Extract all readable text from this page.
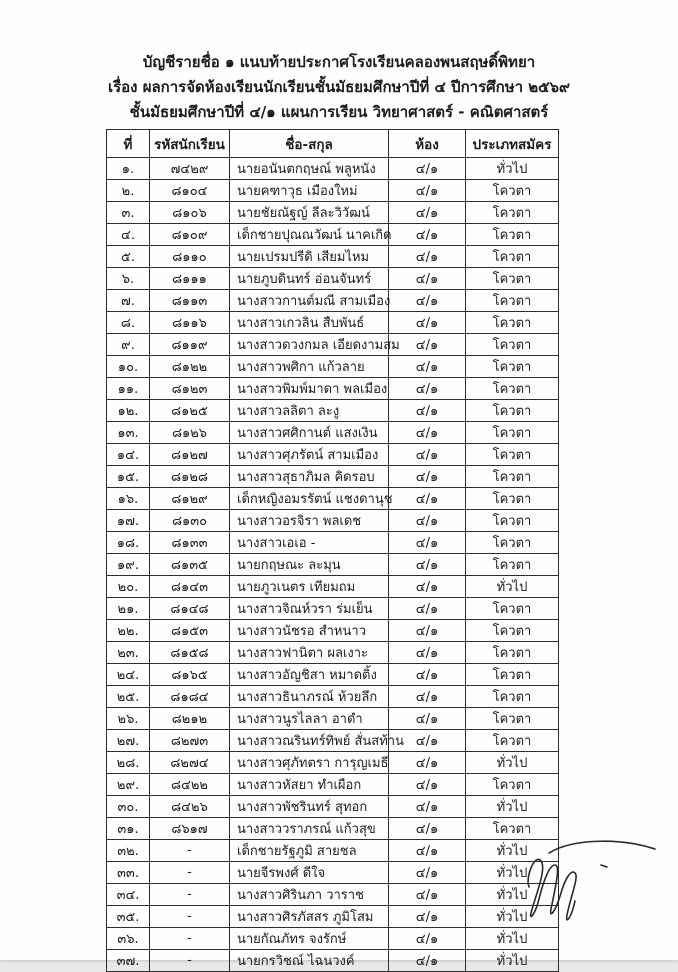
บัญชีรายชื่อ ๑ แนบท้ายประกาศโรงเรียนคลองพนสฤษดิ์พิทยา
เรื่อง ผลการจัดห้องเรียนนักเรียนชั้นมัธยมศึกษาปีที่ ๔ ปีการศึกษา ๒๕๖๙
ชั้นมัธยมศึกษาปีที่ ๔/๑ แผนการเรียน วิทยาศาสตร์ - คณิตศาสตร์
ที่	รหัสนักเรียน	ชื่อ-สกุล	ห้อง	ประเภทสมัคร
๑.	๗๔๒๙	นายอนันตกฤษณ์ พลูหนัง	๔/๑	ทั่วไป
๒.	๘๑๐๔	นายคฑาวุธ เมืองใหม่	๔/๑	โควตา
๓.	๘๑๐๖	นายชัยณัฐญ์ ลีละวิวัฒน์	๔/๑	โควตา
๔.	๘๑๐๙	เด็กชายปุณณวัฒน์ นาคเกิด	๔/๑	โควตา
๕.	๘๑๑๐	นายเปรมปรีดิ เสียมไหม	๔/๑	โควตา
๖.	๘๑๑๑	นายภูบดินทร์ อ่อนจันทร์	๔/๑	โควตา
๗.	๘๑๑๓	นางสาวกานต์มณี สามเมือง	๔/๑	โควตา
๘.	๘๑๑๖	นางสาวเกวลิน สืบพันธ์	๔/๑	โควตา
๙.	๘๑๑๙	นางสาวดวงกมล เอียดงามสม	๔/๑	โควตา
๑๐.	๘๑๒๒	นางสาวพศิกา แก้วลาย	๔/๑	โควตา
๑๑.	๘๑๒๓	นางสาวพิมพ์มาดา พลเมือง	๔/๑	โควตา
๑๒.	๘๑๒๕	นางสาวลลิตา ละงู	๔/๑	โควตา
๑๓.	๘๑๒๖	นางสาวศศิกานต์ แสงเงิน	๔/๑	โควตา
๑๔.	๘๑๒๗	นางสาวศุภรัตน์ สามเมือง	๔/๑	โควตา
๑๕.	๘๑๒๘	นางสาวสุธาภิมล คิดรอบ	๔/๑	โควตา
๑๖.	๘๑๒๙	เด็กหญิงอมรรัตน์ แชงดานุช	๔/๑	โควตา
๑๗.	๘๑๓๐	นางสาวอรจิรา พลเดช	๔/๑	โควตา
๑๘.	๘๑๓๓	นางสาวเอเอ -	๔/๑	โควตา
๑๙.	๘๑๓๕	นายกฤษณะ ละมุน	๔/๑	โควตา
๒๐.	๘๑๔๓	นายภูวเนตร เทียมถม	๔/๑	ทั่วไป
๒๑.	๘๑๔๘	นางสาวจิณห์วรา ร่มเย็น	๔/๑	โควตา
๒๒.	๘๑๕๓	นางสาวนัชรอ สำหนาว	๔/๑	โควตา
๒๓.	๘๑๕๘	นางสาวฟานิตา ผลเงาะ	๔/๑	โควตา
๒๔.	๘๑๖๕	นางสาวอัญชิสา หมาดติ้ง	๔/๑	โควตา
๒๕.	๘๑๘๔	นางสาวธินาภรณ์ ห้วยลึก	๔/๑	โควตา
๒๖.	๘๒๑๒	นางสาวนูรไลลา อาดำ	๔/๑	โควตา
๒๗.	๘๒๗๓	นางสาวณรินทร์ทิพย์ สั่นสท้าน	๔/๑	โควตา
๒๘.	๘๒๗๔	นางสาวศุภัทตรา การุญเมธี	๔/๑	ทั่วไป
๒๙.	๘๔๒๒	นางสาวหัสยา ทำเผือก	๔/๑	โควตา
๓๐.	๘๔๒๖	นางสาวพัชรินทร์ สุทอก	๔/๑	ทั่วไป
๓๑.	๘๖๑๗	นางสาววราภรณ์ แก้วสุข	๔/๑	โควตา
๓๒.	-	เด็กชายรัฐภูมิ สายชล	๔/๑	ทั่วไป
๓๓.	-	นายจีรพงศ์ ดีใจ	๔/๑	ทั่วไป
๓๔.	-	นางสาวศิรินภา วาราช	๔/๑	ทั่วไป
๓๕.	-	นางสาวศิรภัสสร ภูมิโสม	๔/๑	ทั่วไป
๓๖.	-	นายกัณภัทร จงรักษ์	๔/๑	ทั่วไป
๓๗.	-	นายกรวิชณ์ ไฉนวงค์	๔/๑	ทั่วไป
